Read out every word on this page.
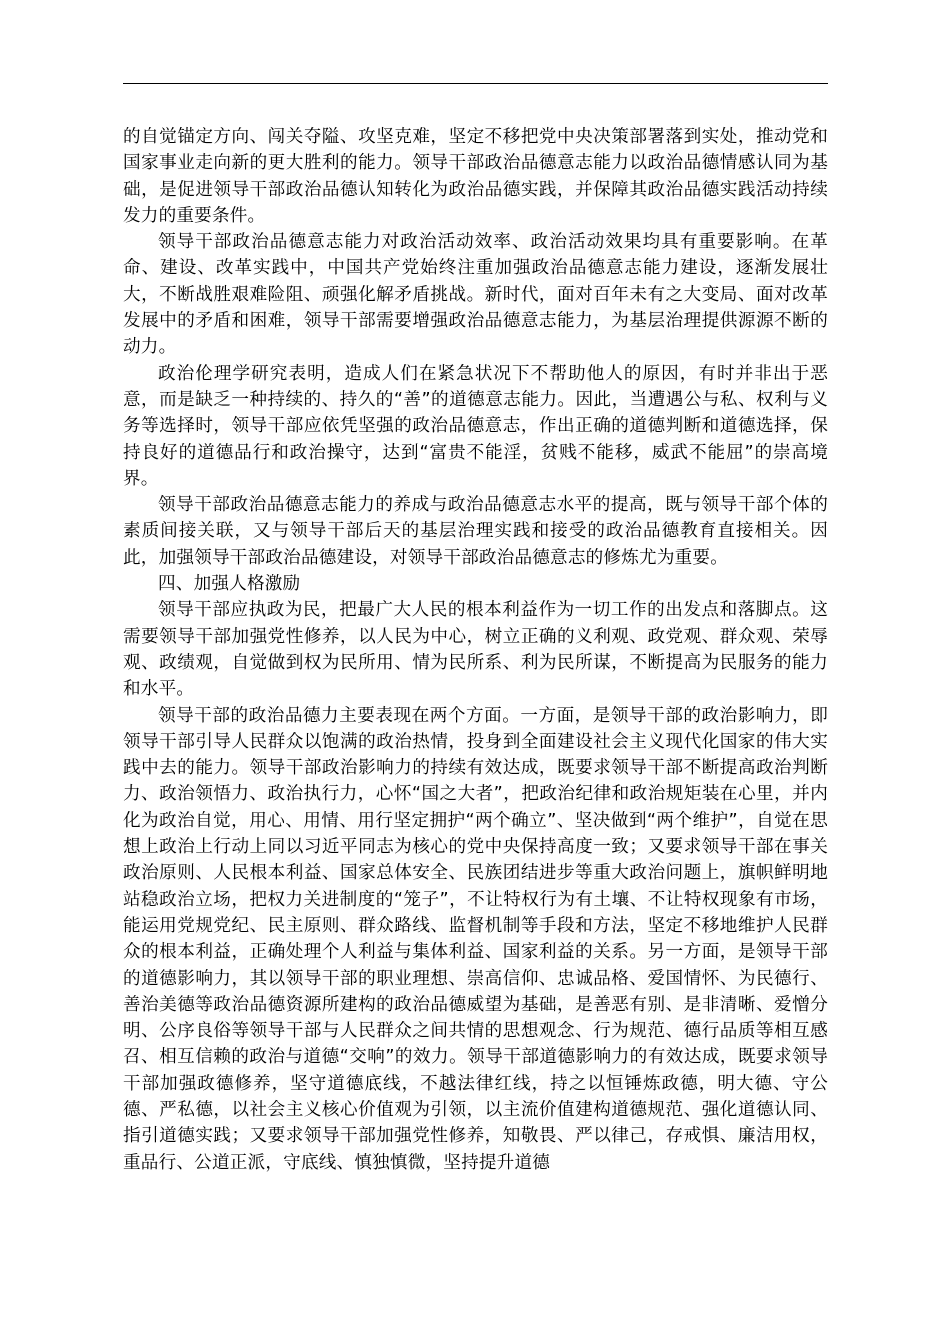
的自觉锚定方向、闯关夺隘、攻坚克难，坚定不移把党中央决策部署落到实处，推动党和国家事业走向新的更大胜利的能力。领导干部政治品德意志能力以政治品德情感认同为基础，是促进领导干部政治品德认知转化为政治品德实践，并保障其政治品德实践活动持续发力的重要条件。

领导干部政治品德意志能力对政治活动效率、政治活动效果均具有重要影响。在革命、建设、改革实践中，中国共产党始终注重加强政治品德意志能力建设，逐渐发展壮大，不断战胜艰难险阻、顽强化解矛盾挑战。新时代，面对百年未有之大变局、面对改革发展中的矛盾和困难，领导干部需要增强政治品德意志能力，为基层治理提供源源不断的动力。

政治伦理学研究表明，造成人们在紧急状况下不帮助他人的原因，有时并非出于恶意，而是缺乏一种持续的、持久的“善”的道德意志能力。因此，当遭遇公与私、权利与义务等选择时，领导干部应依凭坚强的政治品德意志，作出正确的道德判断和道德选择，保持良好的道德品行和政治操守，达到“富贵不能淫，贫贱不能移，威武不能屈”的崇高境界。

领导干部政治品德意志能力的养成与政治品德意志水平的提高，既与领导干部个体的素质间接关联，又与领导干部后天的基层治理实践和接受的政治品德教育直接相关。因此，加强领导干部政治品德建设，对领导干部政治品德意志的修炼尤为重要。

四、加强人格激励

领导干部应执政为民，把最广大人民的根本利益作为一切工作的出发点和落脚点。这需要领导干部加强党性修养，以人民为中心，树立正确的义利观、政党观、群众观、荣辱观、政绩观，自觉做到权为民所用、情为民所系、利为民所谋，不断提高为民服务的能力和水平。

领导干部的政治品德力主要表现在两个方面。一方面，是领导干部的政治影响力，即领导干部引导人民群众以饱满的政治热情，投身到全面建设社会主义现代化国家的伟大实践中去的能力。领导干部政治影响力的持续有效达成，既要求领导干部不断提高政治判断力、政治领悟力、政治执行力，心怀“国之大者”，把政治纪律和政治规矩装在心里，并内化为政治自觉，用心、用情、用行坚定拥护“两个确立”、坚决做到“两个维护”，自觉在思想上政治上行动上同以习近平同志为核心的党中央保持高度一致；又要求领导干部在事关政治原则、人民根本利益、国家总体安全、民族团结进步等重大政治问题上，旗帜鲜明地站稳政治立场，把权力关进制度的“笼子”，不让特权行为有土壤、不让特权现象有市场，能运用党规党纪、民主原则、群众路线、监督机制等手段和方法，坚定不移地维护人民群众的根本利益，正确处理个人利益与集体利益、国家利益的关系。另一方面，是领导干部的道德影响力，其以领导干部的职业理想、崇高信仰、忠诚品格、爱国情怀、为民德行、善治美德等政治品德资源所建构的政治品德威望为基础，是善恶有别、是非清晰、爱憎分明、公序良俗等领导干部与人民群众之间共情的思想观念、行为规范、德行品质等相互感召、相互信赖的政治与道德“交响”的效力。领导干部道德影响力的有效达成，既要求领导干部加强政德修养，坚守道德底线，不越法律红线，持之以恒锤炼政德，明大德、守公德、严私德，以社会主义核心价值观为引领，以主流价值建构道德规范、强化道德认同、指引道德实践；又要求领导干部加强党性修养，知敬畏、严以律己，存戒惧、廉洁用权，重品行、公道正派，守底线、慎独慎微，坚持提升道德
